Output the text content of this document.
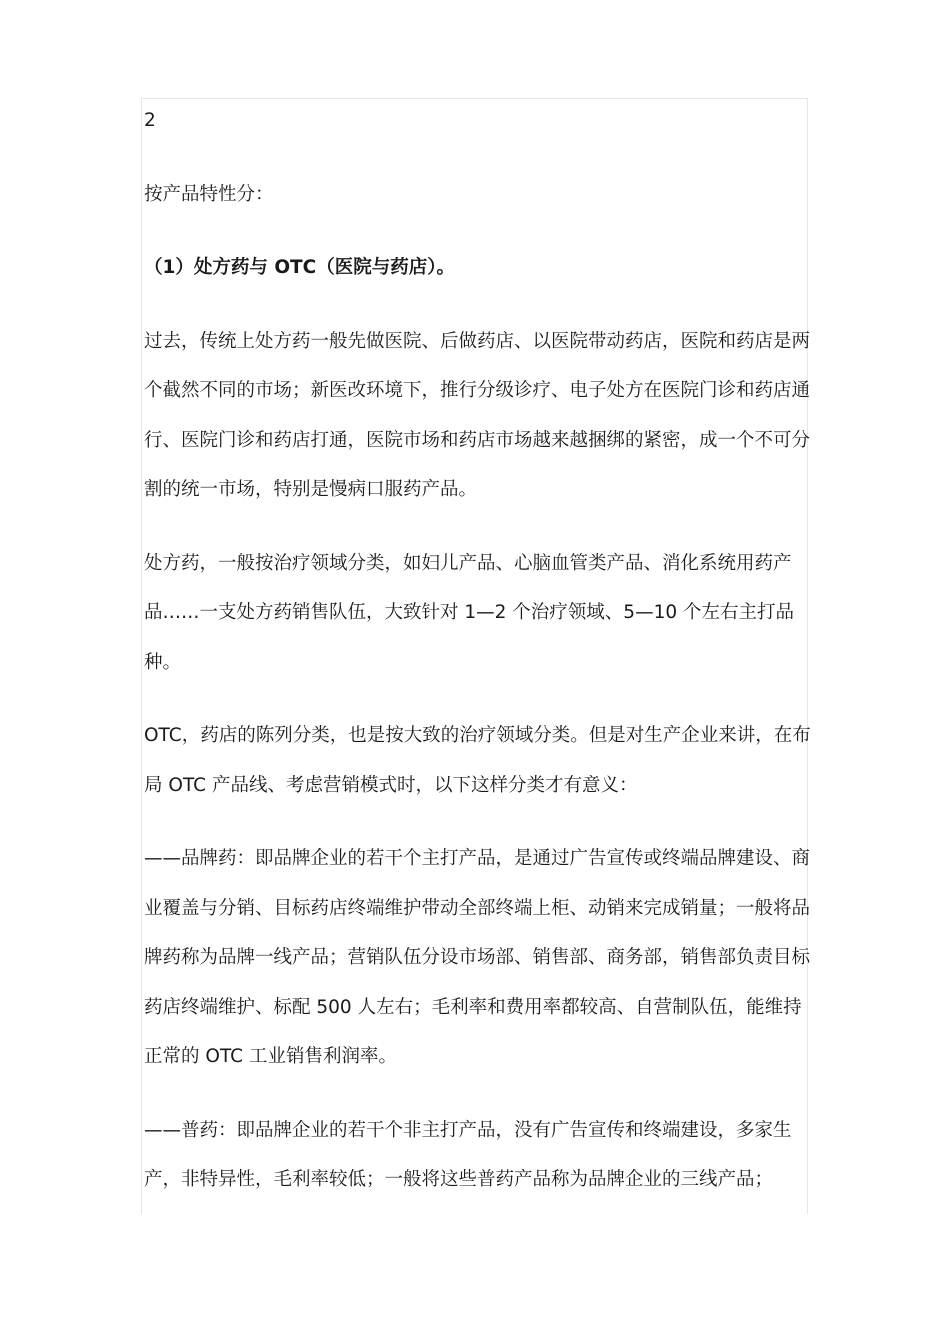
2

按产品特性分：

（1）处方药与 OTC（医院与药店）。

过去，传统上处方药一般先做医院、后做药店、以医院带动药店，医院和药店是两个截然不同的市场；新医改环境下，推行分级诊疗、电子处方在医院门诊和药店通行、医院门诊和药店打通，医院市场和药店市场越来越捆绑的紧密，成一个不可分割的统一市场，特别是慢病口服药产品。

处方药，一般按治疗领域分类，如妇儿产品、心脑血管类产品、消化系统用药产品……一支处方药销售队伍，大致针对 1—2 个治疗领域、5—10 个左右主打品种。

OTC，药店的陈列分类，也是按大致的治疗领域分类。但是对生产企业来讲，在布局 OTC 产品线、考虑营销模式时，以下这样分类才有意义：

——品牌药：即品牌企业的若干个主打产品，是通过广告宣传或终端品牌建设、商业覆盖与分销、目标药店终端维护带动全部终端上柜、动销来完成销量；一般将品牌药称为品牌一线产品；营销队伍分设市场部、销售部、商务部，销售部负责目标药店终端维护、标配 500 人左右；毛利率和费用率都较高、自营制队伍，能维持正常的 OTC 工业销售利润率。

——普药：即品牌企业的若干个非主打产品，没有广告宣传和终端建设，多家生产，非特异性，毛利率较低；一般将这些普药产品称为品牌企业的三线产品；
